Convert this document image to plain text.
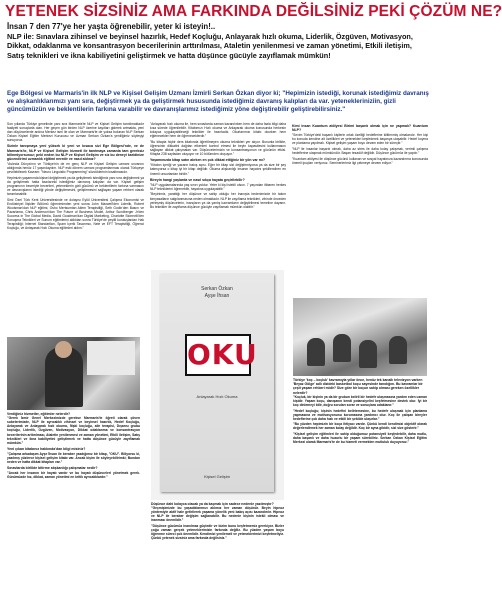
YETENEK SİZSİNİZ AMA FARKINDA DEĞİLSİNİZ PEKİ ÇÖZÜM NE?
İnsan 7 den 77'ye her yaşta öğrenebilir, yeter ki isteyin!..
NLP ile: Sınavlara zihinsel ve beyinsel hazırlık, Hedef Koçluğu, Anlayarak hızlı okuma, Liderlik, Özgüven, Motivasyon, Dikkat, odaklanma ve konsantrasyon becerilerinin arttırılması, Ataletin yenilenmesi ve zaman yönetimi, Etkili iletişim, Satış teknikleri ve ikna kabiliyetini geliştirmek ve hatta düşünce gücüyle zayıflamak mümkün!
Ege Bölgesi ve Marmaris'in ilk NLP ve Kişisel Gelişim Uzmanı İzmirli Serkan Özkan diyor ki; "Hepimizin istediği, korunak istediğimiz davranış ve alışkanlıklarımızı yanı sıra, değiştirmek ya da geliştirmek hususunda istediğimiz davranış kalıpları da var. yetenekleriniziin, gizli güncümüzün ve beklentilerin farkına varabilir ve davranışlarımız istediğimiz yöne değiştirebilir geliştirebilirsiniz."

Son yıllarda Türkiye genelinde yanı sıra Marmaris'te NLP ve Kişisel Gelişim tanıtılmaktadır faaliyeti sonuçlarla olan. Her geçen gün birden NLP üzerine kayıtları giderek artmakta, yeni dan düşüncelerde ardına Merkez ismi ile olan ve Marmaris'te de yoksa bulunan NLP Serkan Özkan Kişisel Eğitim Merkezi Kurucusu ve Uzman Serkan Özkan'a yeniliğimiz söyleşiyi sunuyoruz.

Sizinle tanışmaya yeni yüksek ki yeni ve kısaca sizi Ege Bölgesi'nde, ve de Marmaris'te, NLP ve Kişisel Gelişim hizmeti ile tanıtmaya zamanla tam gereksiz bilinmiyorsunuz; peki neden bu NLP ve Kişisel Gelişim ve siz bu deneyi karidinize gücendirimi uzmanlık eğitimi neredir ve nasıl aldınız?

"Aslında Dünya'nın ve Türkiye'nin de en genç NLP ve Kişisel Gelişim uzmanı unvanını aldığımda henüz 17 yaşındaydım. NLP eski dönem uzmanı programlanması olarak Türkçeye çevrilebilecek Kavram: "Neuro Linguistic Programming" sözcüklerinin kısaltmasıdır.

Hepimizin yaşamında kişisel değiştirmek ya da geliştirmek istediğimiz yanı sıra değiştirmek ya da geliştirmek hatta bazılarınki istediğimiz davranış kalıpları da var. Kişisel gelişim programının beceriyle becerileri, yeteneklerin gizli gücümü ve beklentilerin farkına varmasını ve davranışlarını istediği yönde değiştirmesini, geliştirmesini sağlayan yaşam rehberi olarak tanımlanabilir.

Simi Özel Türk Kent Üniversitesinde ve dolayısı Eylül Üniversitesi Çalışma Ekonomisi ve Endüstriyel İlişkiler Bölümü öğrenimimden yeni sonra John Maxwell'den Liderlik, Robert Woolsman'dan NLP eğitimi, Osho Mertsumtan Ailem Terapistliği, Seth Godin'den Basını ve Pazarlama, Chris Anderson'dan The Future of Business Model, Arthur Sundberger Jr'den Success in The Global Media, David Goodman'dan Digital Marketing, Charlotte Stonevill'den Konuşma Teknikleri ve Sunum eğitimlerini aldıktan sonra Türkiye'de çeşitli kuruluşlardan Hak Terapistliği; Internet Standartları, Spam İçerik Tasarımcı, Nele ve EFT Terapistliği, Öğrenci Koçluğu, ve Anlayarak Hızlı Okuma eğitimleri aldım."

Verdiğiniz hizmetler, eğitimler nelerdir?

"Gerek İzmir Genel Merkezimizde gerekse Marmaris'te öğreti olarak çöven subelerimizde, NLP ile ayrıcalıklı zihinsel ve beyinsel hazırlık, Hedef Koçluğu, Anlayarak ve Anlayarak hızlı okuma, İtişki koçluğu, aile terapisi, Dışarısı grubu koçluğu, Liderlik, Özgüven, Motivasyon, Dikkat odaklanma ve konsantrasyon becerilerinin arttırılması, Ataletin yenilenmesi ve zaman yönetimi, Etkili iletişim, Satış teknikleri ve ikna kabiliyetini geliştirmek ve hatta düşünce gücüyle zayıflamak mümkün."

Yeni çıkan kitabınız hakkında'dan bilgi misiniz?

"Çalışma arkadaşım Ayşe İhsan ile beraber yazdığımız bir kitap, "OKU". Biliyorsu ki, yazılmış yüzlerce kişisel gelişim kitabı var. Ancak kişim ile söyleyebilirimki; Bundan neden ve hatta dikkat kitapları var."

Sınavlarda birlikte bitirme alışkanlığı çalışmalar nedir?

"Ancak her insanın bir hayatı vardır ve bu hayatı düşünceleri yönetmek gerek. Günümüzde hız, dikkat, zaman yönetimi en kritik ayrıcalıklardır."

"Anlayarak hızlı okuma ile, hem sınavlarda zaman kazanılırken hem de daha fazla bilgi daha kısa sürede öğrenilebilir. Kitabımızı Hızlı okuma ve Anlayarak okuma konusunda herkesin kolayca uygulayabileceği teknikler ile hazırladık. Okurlarımızı kitabı okurken hem eğlenecekler hem de öğreneceklerdir."

"Bu kitapta hiçbir ders kitabında öğretilmeyen okuma teknikleri yer alıyor. Bununla birlikte, öğrencinin dikkatini dağıtan etkenleri kontrol etmesi ile beyin kapasitesini kullanmasını sağlayan dikkat çalışmaları var. Düşüncelerimizin ve konsantrasyonun ve gücünün etkisi. Kitapta 238 sayfadan oluşuyor ve 10 bölümden oluşuyor."

Yaşamınızda kitap satın alırken en çok dikkat ettiğiniz bir yön var mı?

"Kitabın içeriği ve yazarın bakış açısı. Eğer bir kitap sizi değiştirmiyorsa ya da size bir şey katmıyorsa o kitap iyi bir kitap değildir. Okuma alışkanlığı insanın hayatını şekillendiren en önemli unsurlardan biridir."

Bireyin hangi yaşlarda ve nasıl sıkça hayata geçirilebilir?

"NLP uygulamalarında yaş sınırı yoktur. Yeter ki kişi istekli olsun. 7 yaşından itibaren herkes NLP tekniklerini öğrenebilir, hayatına uygulayabilir."

"Beyinimiz, yarattığı her düşünce ve sahip olduğu her inanışta bedenimizde bir takım kimyasalların salgılanmasına neden olmaktadır. NLP ile zayıflama teknikleri, zihinde önceden yerleşmiş düşüncelerin, inançların ya da yanlış kavramların değiştirilmesi temeline dayanır. Bu teknikler ile zayıflama düşünce gücüyle zayıflamak mümkün olabilir."

Serkan Özkan
Ayşe İhsan
OKU
Anlayarak Hızlı Okuma
Kişisel Gelişim
Düşünce dahi kolayca olacak ya da kaçmak için sadece nedenle yazılmıştır?

"Geçmişimizde bu yaşadıklarımızı aklımız her zaman düşünür. Beyin hipnoz yöntemiyle aktif hale getirilerek yaşama yönelik yeni bakış açısı kazandırılır. Hipnoz ve NLP ile beraber değişim sağlanabilir. Bu nedenle kişinin istekli olması ve inanması önemlidir."

"Düşünce gücümüz inanılmaz güçtedir ve bizim bunu keşfetmemiz gerekiyor. Bizler çoğu zaman gerçek yeteneklerimizin farkında değiliz. Bu yüzden yaşam boyu öğrenme süreci çok önemlidir. Kendimizi yenilemeli ve yeteneklerimizi keşfetmeliyiz. Çünkü yetenek sizsiniz ama farkında değilsiniz."

Kimi insan Kuantum atölyesi Birimi başarılı olmak için ne yapmalı? Kuantum NLP?

"Sevim Türkiye'deki başarılı kişilerin ortak özelliği hedeflerine kilitlenmiş olmalarıdır. Her kişi bu konuda kendine ait özellikleri ve yetenekleri keşfederek başarıya ulaşabilir. Hedef koyma ve planlama yapılmalı. Kişisel gelişim yaşam boyu devam eden bir süreçtir."

"NLP ile insanlar başarılı olmak, daha az stres ile daha kolay çalışmak, verimli çalışma hedeflerine ulaşmak mümkündür. Başarı tesadüf değildir. Düşünce gücümüz ile yapılır."

"Kuantum atölyesi ile düşünce gücünü kullanan ve sosyal hayatınıza kazandırma konusunda önemli ipuçları veriyoruz. Seminerlerimiz ilgi çekmeye devam ediyor."

Türkiye 'koç – koçluk' kavramıyla yıllar önce, henüz tek kanallı televizyon varken 'Beyaz Gölge' adlı dizideki basketbol koçu sayesinde tanıdığını. Bu kavramlar bir çeşit yaşam rehberi midir? Size göre bir koçun sahip olması gereken özellikler nelerdir?

"Koçluk, bir kişinin ya da bir grubun belirli bir hedefe ulaşmasına yardım eden uzman kişidir. Yaşam koçu, danışanın kendi potansiyelini keşfetmesine destek olur. İyi bir koç dinlemeyi bilir, doğru soruları sorar ve sonuçlara odaklanır."

"Hedef koçluğu; kişinin hedefini belirlemesine, bu hedefe ulaşmak için planlama yapmasına ve motivasyonunu korumasına yardımcı olur. Koç ile çalışan bireyler hedeflerine çok daha hızlı ve etkili bir şekilde ulaşırlar."

"Bu yüzden hepimizin bir koça ihtiyacı vardır. Çünkü kendi kendimizi objektif olarak değerlendirmek her zaman kolay değildir. Koç bir ayna gibidir, sizi size gösterir."

"Kişisel gelişim eğitimleri ile sahip olduğumuz potansiyeli keşfedebilir, daha mutlu, daha başarılı ve daha huzurlu bir yaşam sürebiliriz. Serkan Özkan Kişisel Eğitim Merkezi olarak Marmaris'te de bu hizmeti vermekten mutluluk duyuyoruz."
